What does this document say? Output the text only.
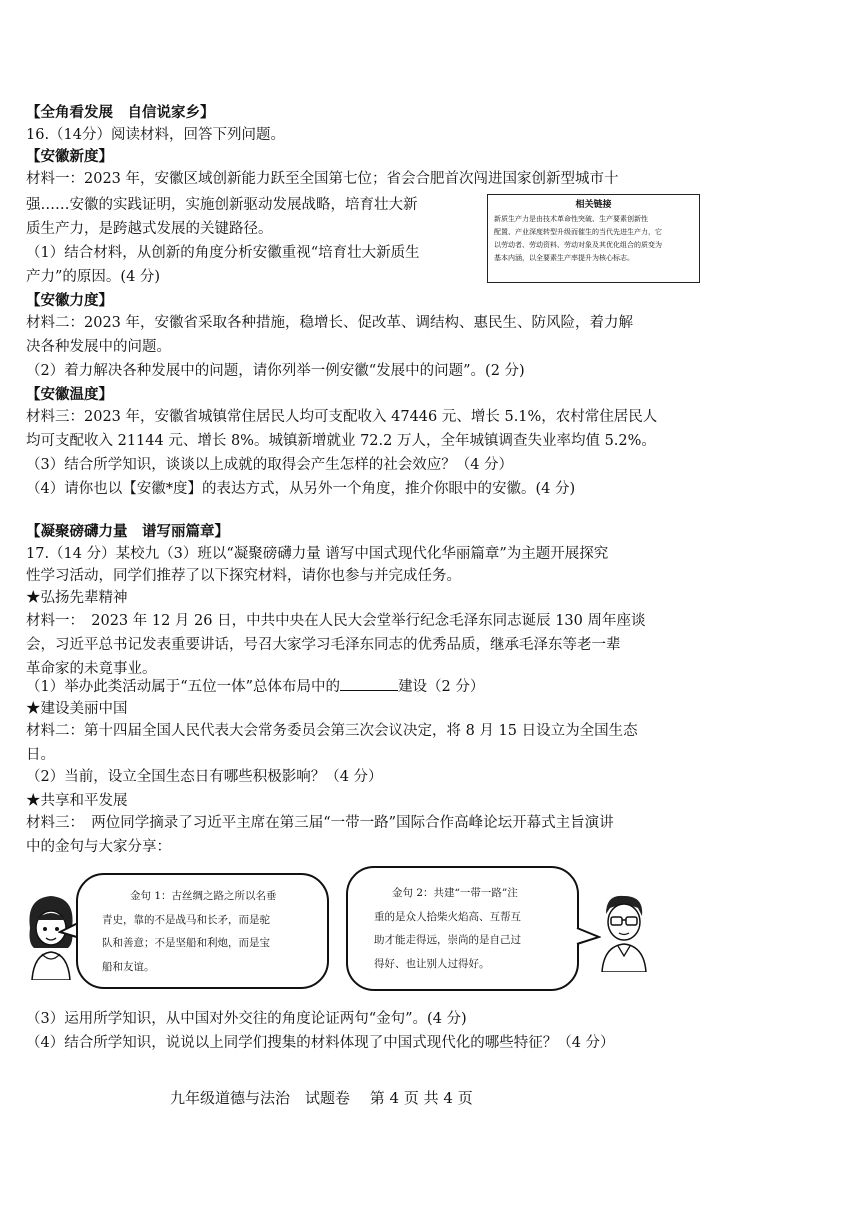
【全角看发展　自信说家乡】
16.（14分）阅读材料，回答下列问题。
【安徽新度】
材料一：2023 年，安徽区域创新能力跃至全国第七位；省会合肥首次闯进国家创新型城市十
强……安徽的实践证明，实施创新驱动发展战略，培育壮大新
质生产力，是跨越式发展的关键路径。
（1）结合材料，从创新的角度分析安徽重视“培育壮大新质生
产力”的原因。(4 分)
相关链接
新质生产力是由技术革命性突破、生产要素创新性
配置、产业深度转型升级而催生的当代先进生产力，它
以劳动者、劳动资料、劳动对象及其优化组合的质变为
基本内涵，以全要素生产率提升为核心标志。
【安徽力度】
材料二：2023 年，安徽省采取各种措施，稳增长、促改革、调结构、惠民生、防风险，着力解
决各种发展中的问题。
（2）着力解决各种发展中的问题，请你列举一例安徽“发展中的问题”。(2 分)
【安徽温度】
材料三：2023 年，安徽省城镇常住居民人均可支配收入 47446 元、增长 5.1%，农村常住居民人
均可支配收入 21144 元、增长 8%。城镇新增就业 72.2 万人，全年城镇调查失业率均值 5.2%。
（3）结合所学知识，谈谈以上成就的取得会产生怎样的社会效应？（4 分）
（4）请你也以【安徽*度】的表达方式，从另外一个角度，推介你眼中的安徽。(4 分)
【凝聚磅礴力量　谱写丽篇章】
17.（14 分）某校九（3）班以“凝聚磅礴力量 谱写中国式现代化华丽篇章”为主题开展探究
性学习活动，同学们推荐了以下探究材料，请你也参与并完成任务。
★弘扬先辈精神
材料一：　2023 年 12 月 26 日，中共中央在人民大会堂举行纪念毛泽东同志诞辰 130 周年座谈
会，习近平总书记发表重要讲话，号召大家学习毛泽东同志的优秀品质，继承毛泽东等老一辈
革命家的未竟事业。
（1）举办此类活动属于“五位一体”总体布局中的	建设（2 分）
★建设美丽中国
材料二：第十四届全国人民代表大会常务委员会第三次会议决定，将 8 月 15 日设立为全国生态
日。
（2）当前，设立全国生态日有哪些积极影响？（4 分）
★共享和平发展
材料三：　两位同学摘录了习近平主席在第三届“一带一路”国际合作高峰论坛开幕式主旨演讲
中的金句与大家分享：
金句 1：古丝绸之路之所以名垂
青史，靠的不是战马和长矛，而是驼
队和善意；不是坚船和利炮，而是宝
船和友谊。
金句 2：共建“一带一路”注
重的是众人拾柴火焰高、互帮互
助才能走得远，崇尚的是自己过
得好、也让别人过得好。
（3）运用所学知识，从中国对外交往的角度论证两句“金句”。(4 分)
（4）结合所学知识，说说以上同学们搜集的材料体现了中国式现代化的哪些特征？（4 分）
九年级道德与法治　试题卷　 第 4 页 共 4 页
